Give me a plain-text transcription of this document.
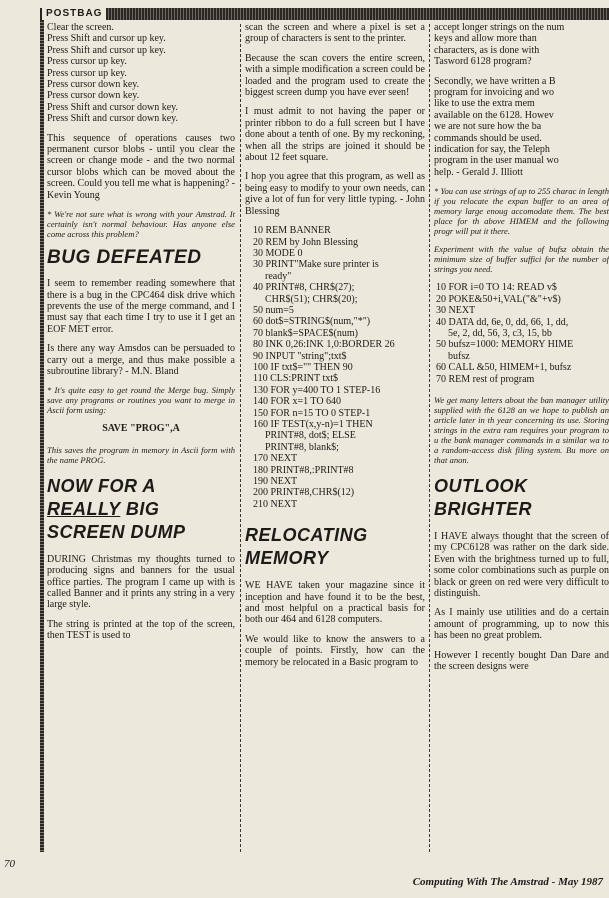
POSTBAG
Clear the screen.
Press Shift and cursor up key.
Press Shift and cursor up key.
Press cursor up key.
Press cursor up key.
Press cursor down key.
Press cursor down key.
Press Shift and cursor down key.
Press Shift and cursor down key.

This sequence of operations causes two permanent cursor blobs - until you clear the screen or change mode - and the two normal cursor blobs which can be moved about the screen. Could you tell me what is happening? - Kevin Young

* We're not sure what is wrong with your Amstrad. It certainly isn't normal behaviour. Has anyone else come across this problem?

BUG DEFEATED

I seem to remember reading somewhere that there is a bug in the CPC464 disk drive which prevents the use of the merge command, and I must say that each time I try to use it I get an EOF MET error.

Is there any way Amsdos can be persuaded to carry out a merge, and thus make possible a subroutine library? - M.N. Bland

* It's quite easy to get round the Merge bug. Simply save any programs or routines you want to merge in Ascii form using:

SAVE "PROG",A

This saves the program in memory in Ascii form with the name PROG.

NOW FOR A
REALLY BIG
SCREEN DUMP

DURING Christmas my thoughts turned to producing signs and banners for the usual office parties. The program I came up with is called Banner and it prints any string in a very large style.

The string is printed at the top of the screen, then TEST is used to

scan the screen and where a pixel is set a group of characters is sent to the printer.

Because the scan covers the entire screen, with a simple modification a screen could be loaded and the program used to create the biggest screen dump you have ever seen!

I must admit to not having the paper or printer ribbon to do a full screen but I have done about a tenth of one. By my reckoning, when all the strips are joined it should be about 12 feet square.

I hop you agree that this program, as well as being easy to modify to your own needs, can give a lot of fun for very little typing. - John Blessing

10 REM BANNER
20 REM by John Blessing
30 MODE 0
30 PRINT"Make sure printer is
ready"
40 PRINT#8, CHR$(27);
CHR$(51); CHR$(20);
50 num=5
60 dot$=STRING$(num,"*")
70 blank$=SPACE$(num)
80 INK 0,26:INK 1,0:BORDER 26
90 INPUT "string";txt$
100 IF txt$="" THEN 90
110 CLS:PRINT txt$
130 FOR y=400 TO 1 STEP-16
140 FOR x=1 TO 640
150 FOR n=15 TO 0 STEP-1
160 IF TEST(x,y-n)=1 THEN
PRINT#8, dot$; ELSE
PRINT#8, blank$;
170 NEXT
180 PRINT#8,:PRINT#8
190 NEXT
200 PRINT#8,CHR$(12)
210 NEXT
RELOCATING
MEMORY

WE HAVE taken your magazine since it inception and have found it to be the best, and most helpful on a practical basis for both our 464 and 6128 computers.

We would like to know the answers to a couple of points. Firstly, how can the memory be relocated in a Basic program to

accept longer strings on the num
keys and allow more than
characters, as is done with
Tasword 6128 program?
Secondly, we have written a B
program for invoicing and wo
like to use the extra mem
available on the 6128. Howev
we are not sure how the ba
commands should be used.
indication for say, the Teleph
program in the user manual wo
help. - Gerald J. Illiott

* You can use strings of up to 255 charac in length if you relocate the expan buffer to an area of memory large enoug accomodate them. The best place for th above HIMEM and the following progr will put it there.

Experiment with the value of bufsz obtain the minimum size of buffer suffici for the number of strings you need.

10 FOR i=0 TO 14: READ v$
20 POKE&50+i,VAL("&"+v$)
30 NEXT
40 DATA dd, 6e, 0, dd, 66, 1, dd,
5e, 2, dd, 56, 3, c3, 15, bb
50 bufsz=1000: MEMORY HIME
bufsz
60 CALL &50, HIMEM+1, bufsz
70 REM rest of program

We get many letters about the ban manager utility supplied with the 6128 an we hope to publish an article later in th year concerning its use. Storing strings in the extra ram requires your program to u the bank manager commands in a similar wa to a random-access disk filing system. Bu more on that anon.

OUTLOOK
BRIGHTER

I HAVE always thought that the screen of my CPC6128 was rather on the dark side. Even with the brightness turned up to full, some color combinations such as purple on black or green on red were very difficult to distinguish.

As I mainly use utilities and do a certain amount of programming, up to now this has been no great problem.

However I recently bought Dan Dare and the screen designs were

70
Computing With The Amstrad - May 1987
